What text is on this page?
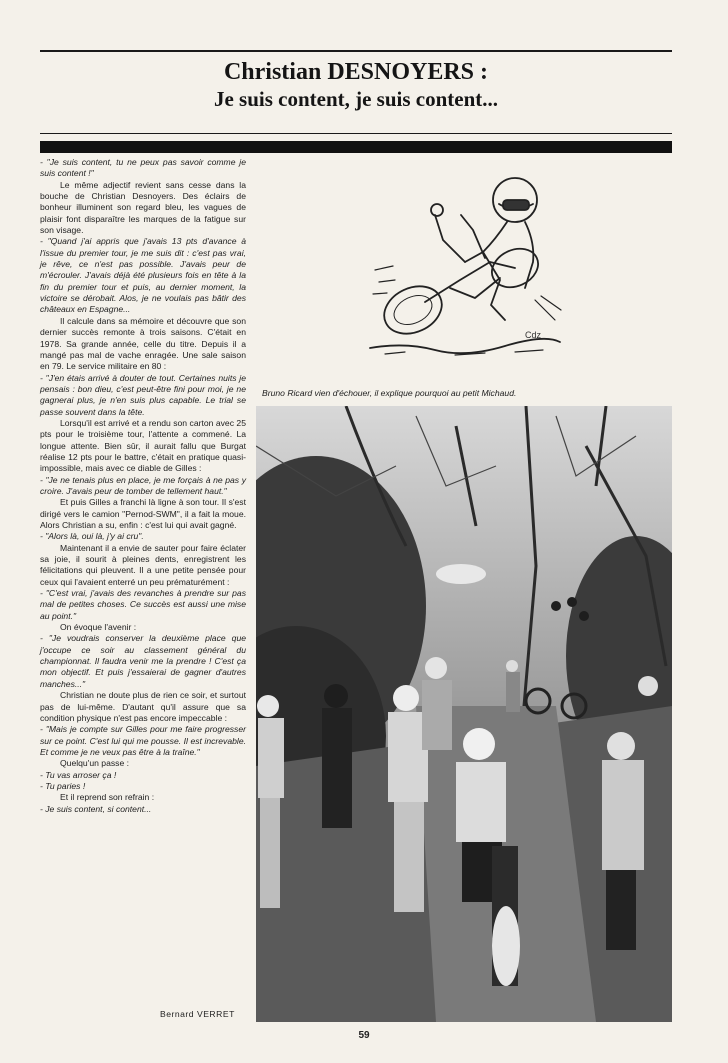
Christian DESNOYERS :
Je suis content, je suis content...

- "Je suis content, tu ne peux pas savoir comme je suis content !"

Le même adjectif revient sans cesse dans la bouche de Christian Desnoyers. Des éclairs de bonheur illuminent son regard bleu, les vagues de plaisir font disparaître les marques de la fatigue sur son visage.

- "Quand j'ai appris que j'avais 13 pts d'avance à l'issue du premier tour, je me suis dit : c'est pas vrai, je rêve, ce n'est pas possible. J'avais peur de m'écrouler. J'avais déjà été plusieurs fois en tête à la fin du premier tour et puis, au dernier moment, la victoire se dérobait. Alos, je ne voulais pas bâtir des châteaux en Espagne...

Il calcule dans sa mémoire et découvre que son dernier succès remonte à trois saisons. C'était en 1978. Sa grande année, celle du titre. Depuis il a mangé pas mal de vache enragée. Une sale saison en 79. Le service militaire en 80 :

- "J'en étais arrivé à douter de tout. Certaines nuits je pensais : bon dieu, c'est peut-être fini pour moi, je ne gagnerai plus, je n'en suis plus capable. Le trial se passe souvent dans la tête.

Lorsqu'il est arrivé et a rendu son carton avec 25 pts pour le troisième tour, l'attente a commené. La longue attente. Bien sûr, il aurait fallu que Burgat réalise 12 pts pour le battre, c'était en pratique quasi-impossible, mais avec ce diable de Gilles :

- "Je ne tenais plus en place, je me forçais à ne pas y croire. J'avais peur de tomber de tellement haut."

Et puis Gilles a franchi là ligne à son tour. Il s'est dirigé vers le camion "Pernod-SWM", il a fait la moue. Alors Christian a su, enfin : c'est lui qui avait gagné.

- "Alors là, oui là, j'y ai cru".

Maintenant il a envie de sauter pour faire éclater sa joie, il sourit à pleines dents, enregistrent les félicitations qui pleuvent. Il a une petite pensée pour ceux qui l'avaient enterré un peu prématurément :

- "C'est vrai, j'avais des revanches à prendre sur pas mal de petites choses. Ce succès est aussi une mise au point."

On évoque l'avenir :

- "Je voudrais conserver la deuxième place que j'occupe ce soir au classement général du championnat. Il faudra venir me la prendre ! C'est ça mon objectif. Et puis j'essaierai de gagner d'autres manches..."

Christian ne doute plus de rien ce soir, et surtout pas de lui-même. D'autant qu'il assure que sa condition physique n'est pas encore impeccable :

- "Mais je compte sur Gilles pour me faire progresser sur ce point. C'est lui qui me pousse. Il est increvable. Et comme je ne veux pas être à la traîne."

Quelqu'un passe :

- Tu vas arroser ça !

- Tu paries !

Et il reprend son refrain :

- Je suis content, si content...

Bernard VERRET
Cdz
Bruno Ricard vien d'échouer, il explique pourquoi au petit Michaud.
59
